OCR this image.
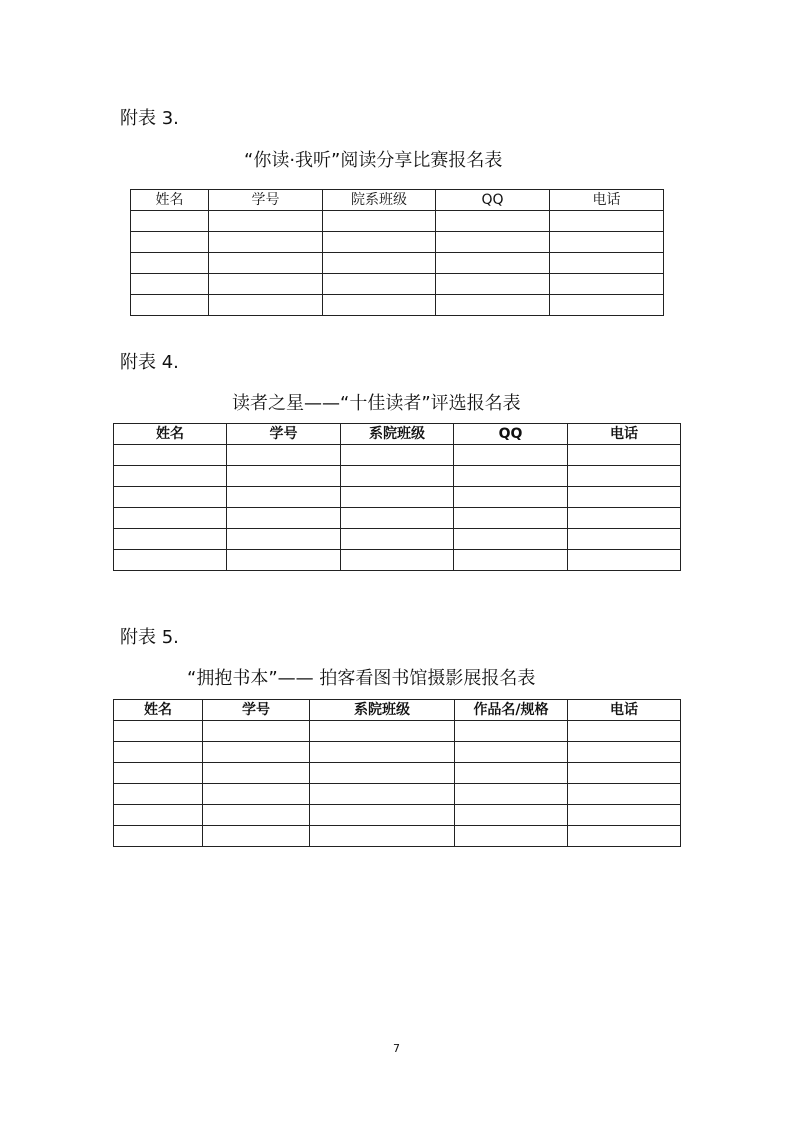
附表 3.

“你读·我听”阅读分享比赛报名表
姓名	学号	院系班级	QQ	电话

附表 4.

读者之星——“十佳读者”评选报名表
姓名	学号	系院班级	QQ	电话

附表 5.

“拥抱书本”—— 拍客看图书馆摄影展报名表
姓名	学号	系院班级	作品名/规格	电话

7
